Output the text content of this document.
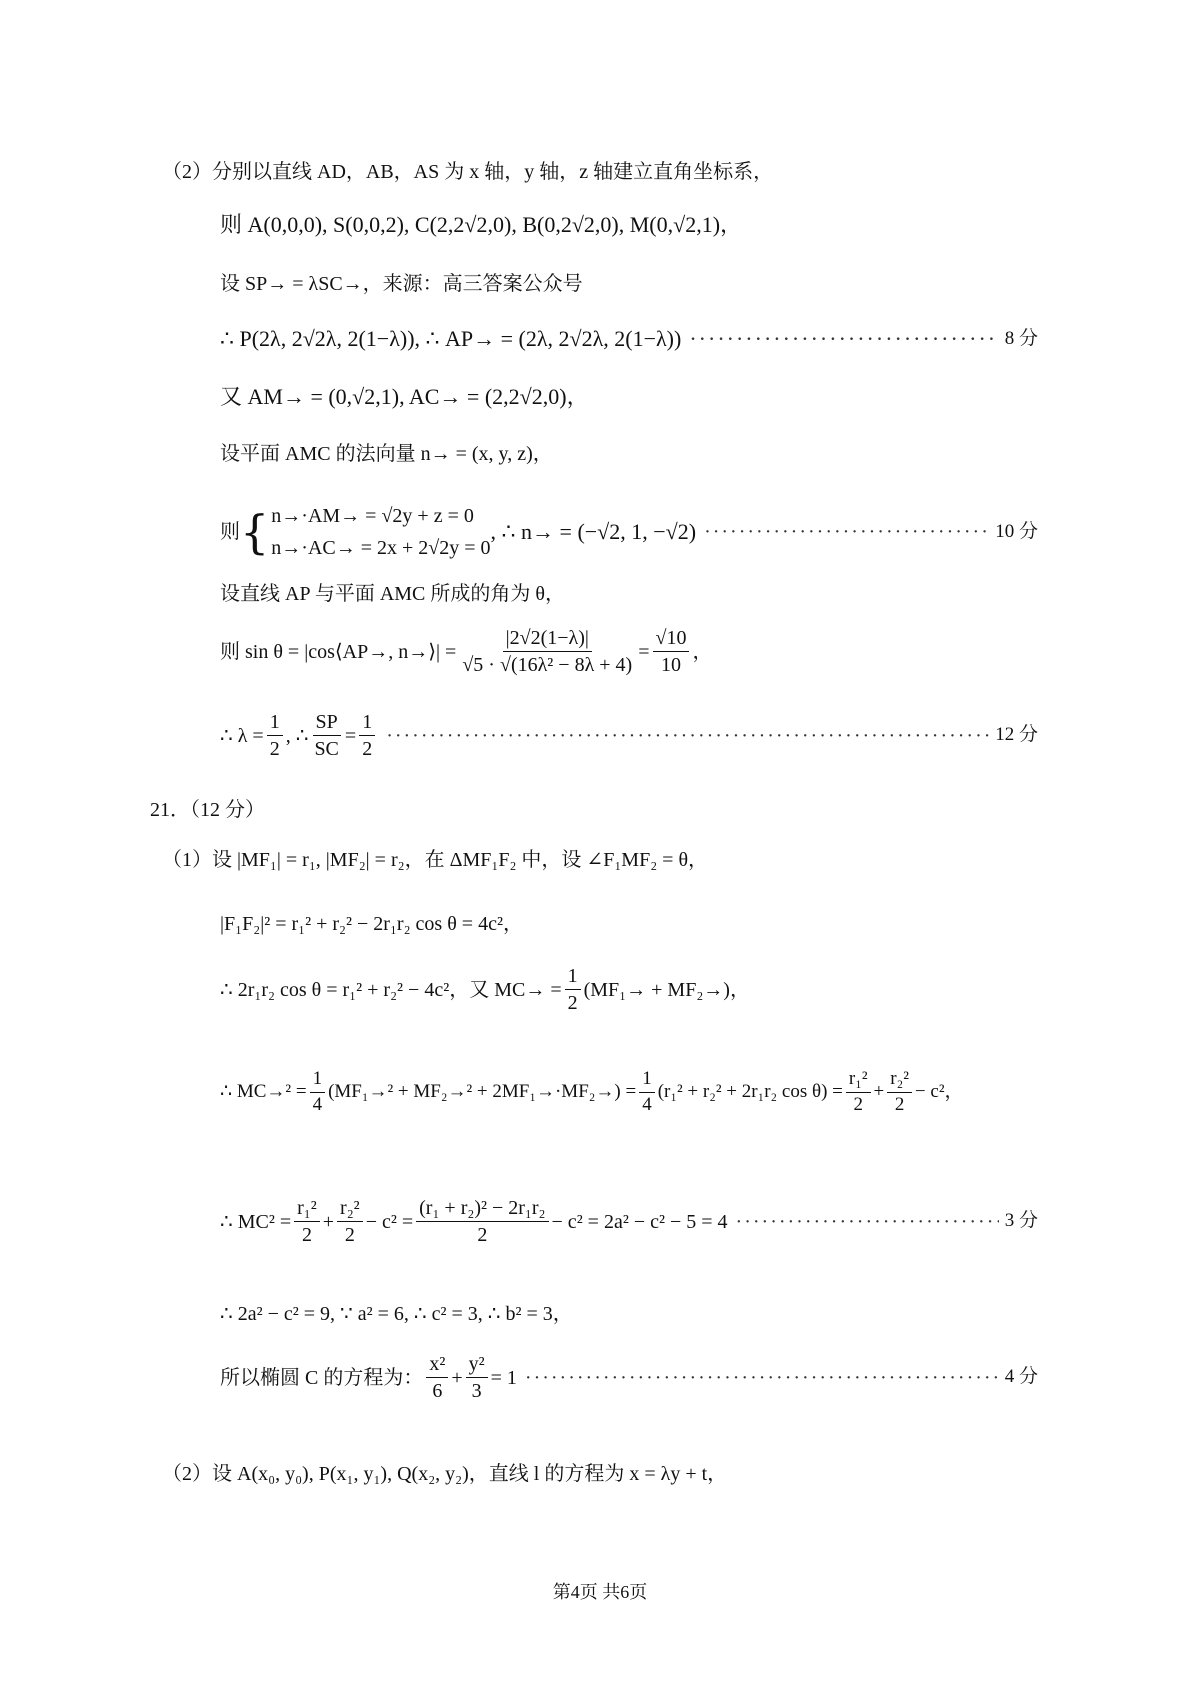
（2）分别以直线 AD，AB，AS 为 x 轴，y 轴，z 轴建立直角坐标系，
则 A(0,0,0), S(0,0,2), C(2,2√2,0), B(0,2√2,0), M(0,√2,1)，
设 SP→ = λSC→，来源：高三答案公众号
∴ P(2λ, 2√2λ, 2(1−λ)), ∴ AP→ = (2λ, 2√2λ, 2(1−λ)) ·····	8 分
又 AM→ = (0,√2,1), AC→ = (2,2√2,0)，
设平面 AMC 的法向量 n→ = (x, y, z)，
则 { n→·AM→ = √2y + z = 0
n→·AC→ = 2x + 2√2y = 0
, ∴ n→ = (−√2, 1, −√2) ·····	10 分
设直线 AP 与平面 AMC 所成的角为 θ，
则 sin θ = |cos⟨AP→, n→⟩| = $\frac{|2√2(1-\lambda)|}{\text{√5 · √(16λ² − 8λ + 4)}} = \frac{√10}{10}$ ，
∴ $\lambda = \frac{1}{2}$ , ∴ $\frac{SP}{SC} = \frac{1}{2}$ ·····	12 分
21．（12 分）
（1）设 |MF₁| = r₁, |MF₂| = r₂，在 ΔMF₁F₂ 中，设 ∠F₁MF₂ = θ，
|F₁F₂|² = r₁² + r₂² − 2r₁r₂ cos θ = 4c²，
∴ 2r₁r₂ cos θ = r₁² + r₂² − 4c²，又 $MC\to = \frac{1}{2} (MF_1\to + MF_2\to)$，
∴ $MC\to^2 = \frac{1}{4} (MF_1\to^2 + MF_2\to^2 + 2MF_1\to\cdot MF_2\to) = \frac{1}{4} (r_1^2 + r_2^2 + 2r_1r_2$ $\cos \theta) = \frac{\text{r₁²}}{2} + \frac{\text{r₂²}}{2} - c^2$，
∴ $MC^2 = \frac{\text{r₁²}}{2} + \frac{\text{r₂²}}{2} - c^2 = \frac{\text{(r₁ + r₂)² − 2r₁r₂}}{2} - c^2 = 2a^2 - c^2 - 5 = 4$ ·····	3 分
∴ 2a² − c² = 9, ∵ a² = 6, ∴ c² = 3, ∴ b² = 3，
所以椭圆 C 的方程为： $\frac{\text{x²}}{6} + \frac{\text{y²}}{3} = 1$ ·····	4 分
（2）设 A(x₀, y₀), P(x₁, y₁), Q(x₂, y₂)，直线 l 的方程为 x = λy + t，
第4页 共6页
